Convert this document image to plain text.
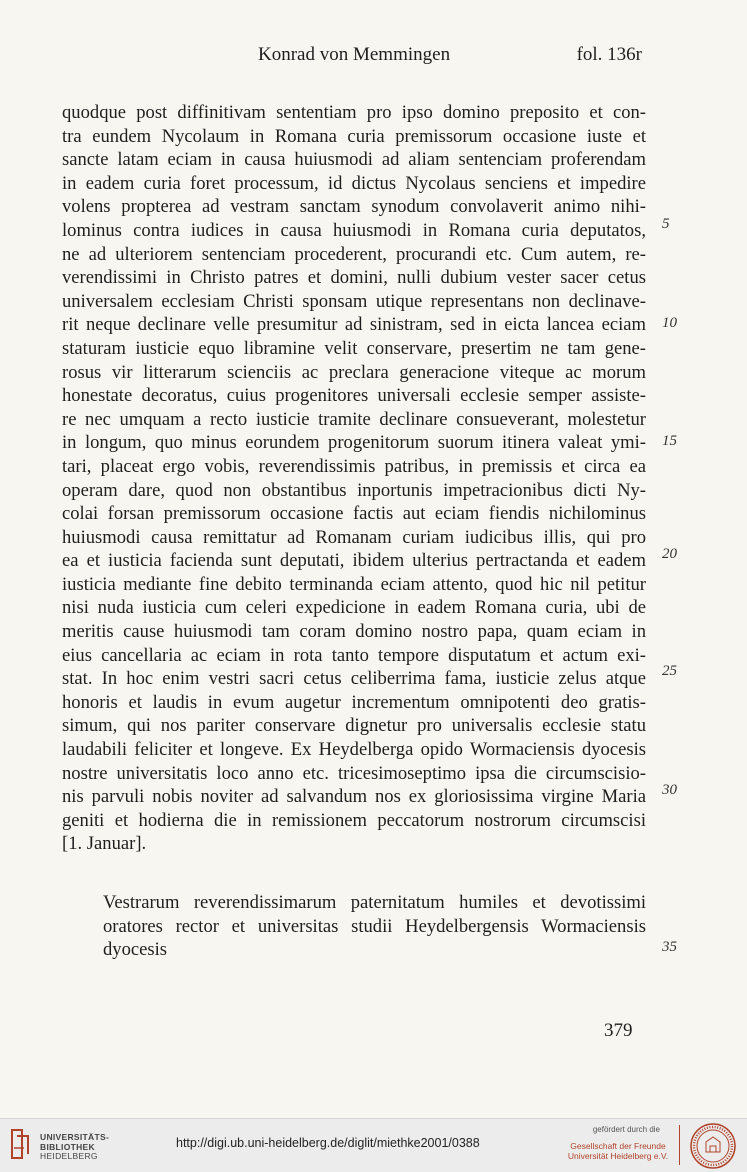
Konrad von Memmingen	fol. 136r
quodque post diffinitivam sententiam pro ipso domino preposito et con-
tra eundem Nycolaum in Romana curia premissorum occasione iuste et
sancte latam eciam in causa huiusmodi ad aliam sentenciam proferendam
in eadem curia foret processum, id dictus Nycolaus senciens et impedire
volens propterea ad vestram sanctam synodum convolaverit animo nihi-
lominus contra iudices in causa huiusmodi in Romana curia deputatos,
ne ad ulteriorem sentenciam procederent, procurandi etc. Cum autem, re-
verendissimi in Christo patres et domini, nulli dubium vester sacer cetus
universalem ecclesiam Christi sponsam utique representans non declinave-
rit neque declinare velle presumitur ad sinistram, sed in eicta lancea eciam
staturam iusticie equo libramine velit conservare, presertim ne tam gene-
rosus vir litterarum scienciis ac preclara generacione viteque ac morum
honestate decoratus, cuius progenitores universali ecclesie semper assiste-
re nec umquam a recto iusticie tramite declinare consueverant, molestetur
in longum, quo minus eorundem progenitorum suorum itinera valeat ymi-
tari, placeat ergo vobis, reverendissimis patribus, in premissis et circa ea
operam dare, quod non obstantibus inportunis impetracionibus dicti Ny-
colai forsan premissorum occasione factis aut eciam fiendis nichilominus
huiusmodi causa remittatur ad Romanam curiam iudicibus illis, qui pro
ea et iusticia facienda sunt deputati, ibidem ulterius pertractanda et eadem
iusticia mediante fine debito terminanda eciam attento, quod hic nil petitur
nisi nuda iusticia cum celeri expedicione in eadem Romana curia, ubi de
meritis cause huiusmodi tam coram domino nostro papa, quam eciam in
eius cancellaria ac eciam in rota tanto tempore disputatum et actum exi-
stat. In hoc enim vestri sacri cetus celiberrima fama, iusticie zelus atque
honoris et laudis in evum augetur incrementum omnipotenti deo gratis-
simum, qui nos pariter conservare dignetur pro universalis ecclesie statu
laudabili feliciter et longeve. Ex Heydelberga opido Wormaciensis dyocesis
nostre universitatis loco anno etc. tricesimoseptimo ipsa die circumscisio-
nis parvuli nobis noviter ad salvandum nos ex gloriosissima virgine Maria
geniti et hodierna die in remissionem peccatorum nostrorum circumscisi
[1. Januar].
Vestrarum reverendissimarum paternitatum humiles et devotissimi
oratores rector et universitas studii Heydelbergensis Wormaciensis
dyocesis
5
10
15
20
25
30
35
379
UNIVERSITÄTS-
BIBLIOTHEK
HEIDELBERG
http://digi.ub.uni-heidelberg.de/diglit/miethke2001/0388
gefördert durch die
Gesellschaft der Freunde
Universität Heidelberg e.V.
